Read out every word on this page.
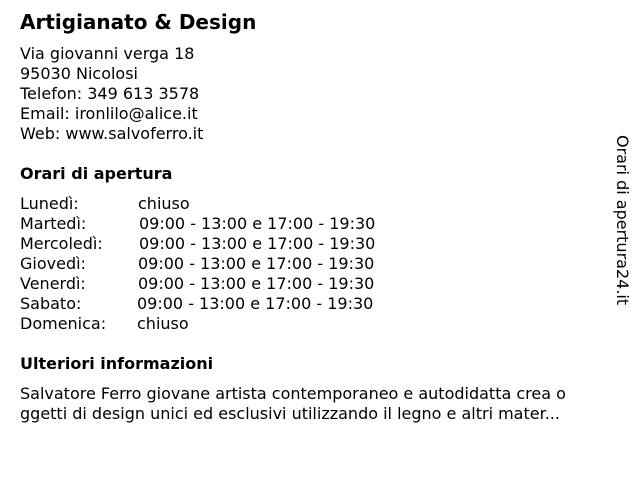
Artigianato & Design
Via giovanni verga 18
95030 Nicolosi
Telefon: 349 613 3578
Email: ironlilo@alice.it
Web: www.salvoferro.it
Orari di apertura
Lunedì:	chiuso
Martedì:	09:00 - 13:00 e 17:00 - 19:30
Mercoledì: 09:00 - 13:00 e 17:00 - 19:30
Giovedì:	09:00 - 13:00 e 17:00 - 19:30
Venerdì:	09:00 - 13:00 e 17:00 - 19:30
Sabato:	09:00 - 13:00 e 17:00 - 19:30
Domenica: chiuso
Ulteriori informazioni
Salvatore Ferro giovane artista contemporaneo e autodidatta crea o
ggetti di design unici ed esclusivi utilizzando il legno e altri mater...
Orari di apertura24.it
